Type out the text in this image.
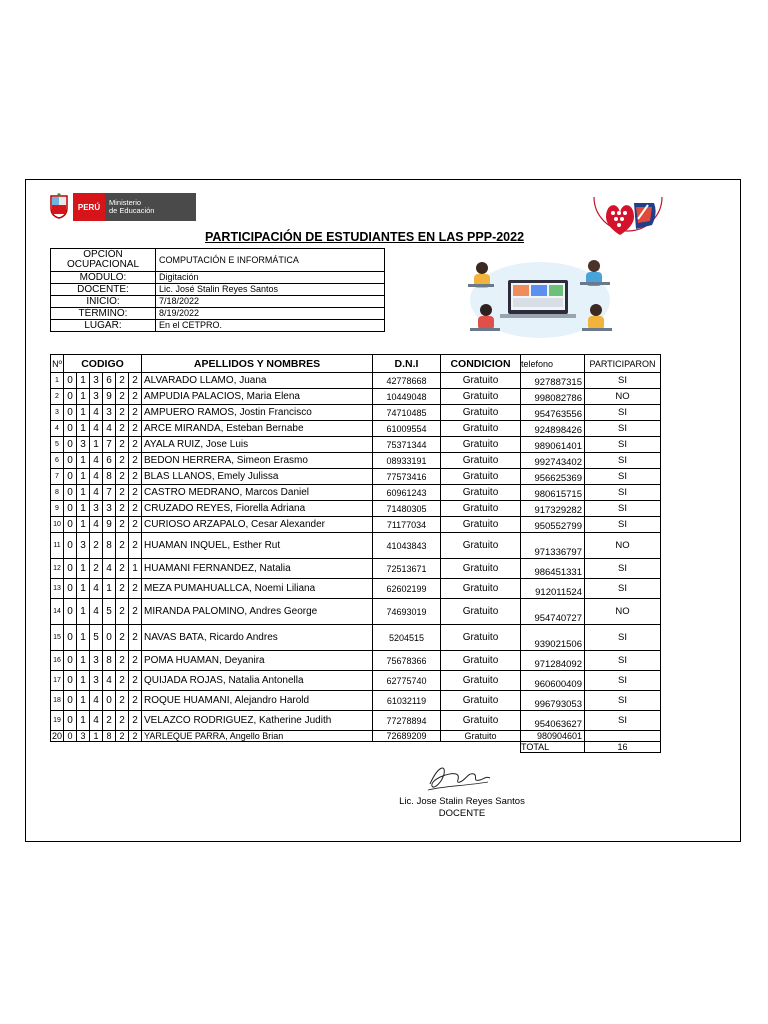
PERÚ	Ministerio
de Educación
PARTICIPACIÓN DE ESTUDIANTES EN LAS PPP-2022
OPCIÓN OCUPACIONAL	COMPUTACIÓN E INFORMÁTICA
MODULO:	Digitación
DOCENTE:	Lic. José Stalin Reyes Santos
INICIO:	7/18/2022
TÉRMINO:	8/19/2022
LUGAR:	En el CETPRO.
Nº	CODIGO						APELLIDOS Y NOMBRES	D.N.I	CONDICION	telefono	PARTICIPARON
1	0	1	3	6	2	2	ALVARADO LLAMO, Juana	42778668	Gratuito	927887315	SI
2	0	1	3	9	2	2	AMPUDIA PALACIOS, Maria Elena	10449048	Gratuito	998082786	NO
3	0	1	4	3	2	2	AMPUERO RAMOS, Jostin Francisco	74710485	Gratuito	954763556	SI
4	0	1	4	4	2	2	ARCE MIRANDA, Esteban Bernabe	61009554	Gratuito	924898426	SI
5	0	3	1	7	2	2	AYALA RUIZ, Jose Luis	75371344	Gratuito	989061401	SI
6	0	1	4	6	2	2	BEDON HERRERA, Simeon Erasmo	08933191	Gratuito	992743402	SI
7	0	1	4	8	2	2	BLAS LLANOS, Emely Julissa	77573416	Gratuito	956625369	SI
8	0	1	4	7	2	2	CASTRO MEDRANO, Marcos Daniel	60961243	Gratuito	980615715	SI
9	0	1	3	3	2	2	CRUZADO REYES, Fiorella Adriana	71480305	Gratuito	917329282	SI
10	0	1	4	9	2	2	CURIOSO ARZAPALO, Cesar Alexander	71177034	Gratuito	950552799	SI
11	0	3	2	8	2	2	HUAMAN INQUEL, Esther Rut	41043843	Gratuito	971336797	NO
12	0	1	2	4	2	1	HUAMANI FERNANDEZ, Natalia	72513671	Gratuito	986451331	SI
13	0	1	4	1	2	2	MEZA PUMAHUALLCA, Noemi Liliana	62602199	Gratuito	912011524	SI
14	0	1	4	5	2	2	MIRANDA PALOMINO, Andres George	74693019	Gratuito	954740727	NO
15	0	1	5	0	2	2	NAVAS BATA, Ricardo Andres	5204515	Gratuito	939021506	SI
16	0	1	3	8	2	2	POMA HUAMAN, Deyanira	75678366	Gratuito	971284092	SI
17	0	1	3	4	2	2	QUIJADA ROJAS, Natalia Antonella	62775740	Gratuito	960600409	SI
18	0	1	4	0	2	2	ROQUE HUAMANI, Alejandro Harold	61032119	Gratuito	996793053	SI
19	0	1	4	2	2	2	VELAZCO RODRIGUEZ, Katherine Judith	77278894	Gratuito	954063627	SI
20	0	3	1	8	2	2	YARLEQUE PARRA, Angello Brian	72689209	Gratuito	980904601	
										TOTAL	16
Lic. Jose Stalin Reyes Santos
DOCENTE
